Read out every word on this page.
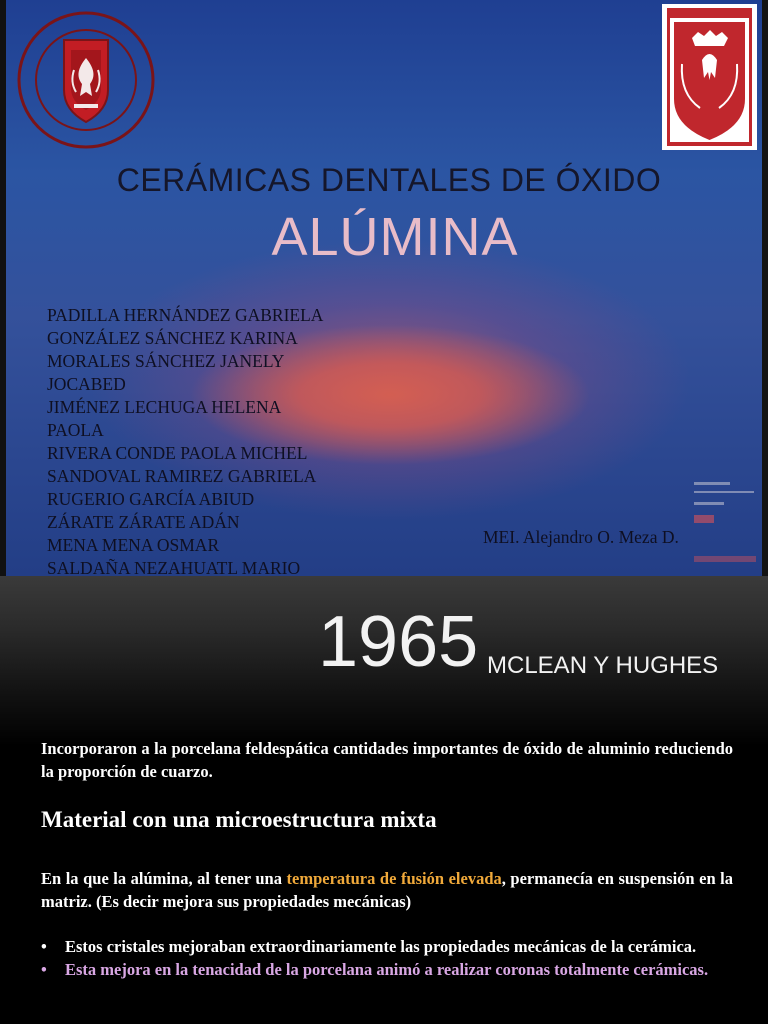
CERÁMICAS DENTALES DE ÓXIDO
ALÚMINA
PADILLA HERNÁNDEZ GABRIELA
GONZÁLEZ SÁNCHEZ KARINA
MORALES SÁNCHEZ JANELY
JOCABED
JIMÉNEZ LECHUGA HELENA
PAOLA
RIVERA CONDE PAOLA MICHEL
SANDOVAL RAMIREZ GABRIELA
RUGERIO GARCÍA ABIUD
ZÁRATE ZÁRATE ADÁN
MENA MENA OSMAR
SALDAÑA NEZAHUATL MARIO
MEI. Alejandro O. Meza D.
1965 MCLEAN Y HUGHES

Incorporaron a la porcelana feldespática cantidades importantes de óxido de aluminio reduciendo la proporción de cuarzo.

Material con una microestructura mixta

En la que la alúmina, al tener una temperatura de fusión elevada, permanecía en suspensión en la matriz. (Es decir mejora sus propiedades mecánicas)

• Estos cristales mejoraban extraordinariamente las propiedades mecánicas de la cerámica.
• Esta mejora en la tenacidad de la porcelana animó a realizar coronas totalmente cerámicas.
